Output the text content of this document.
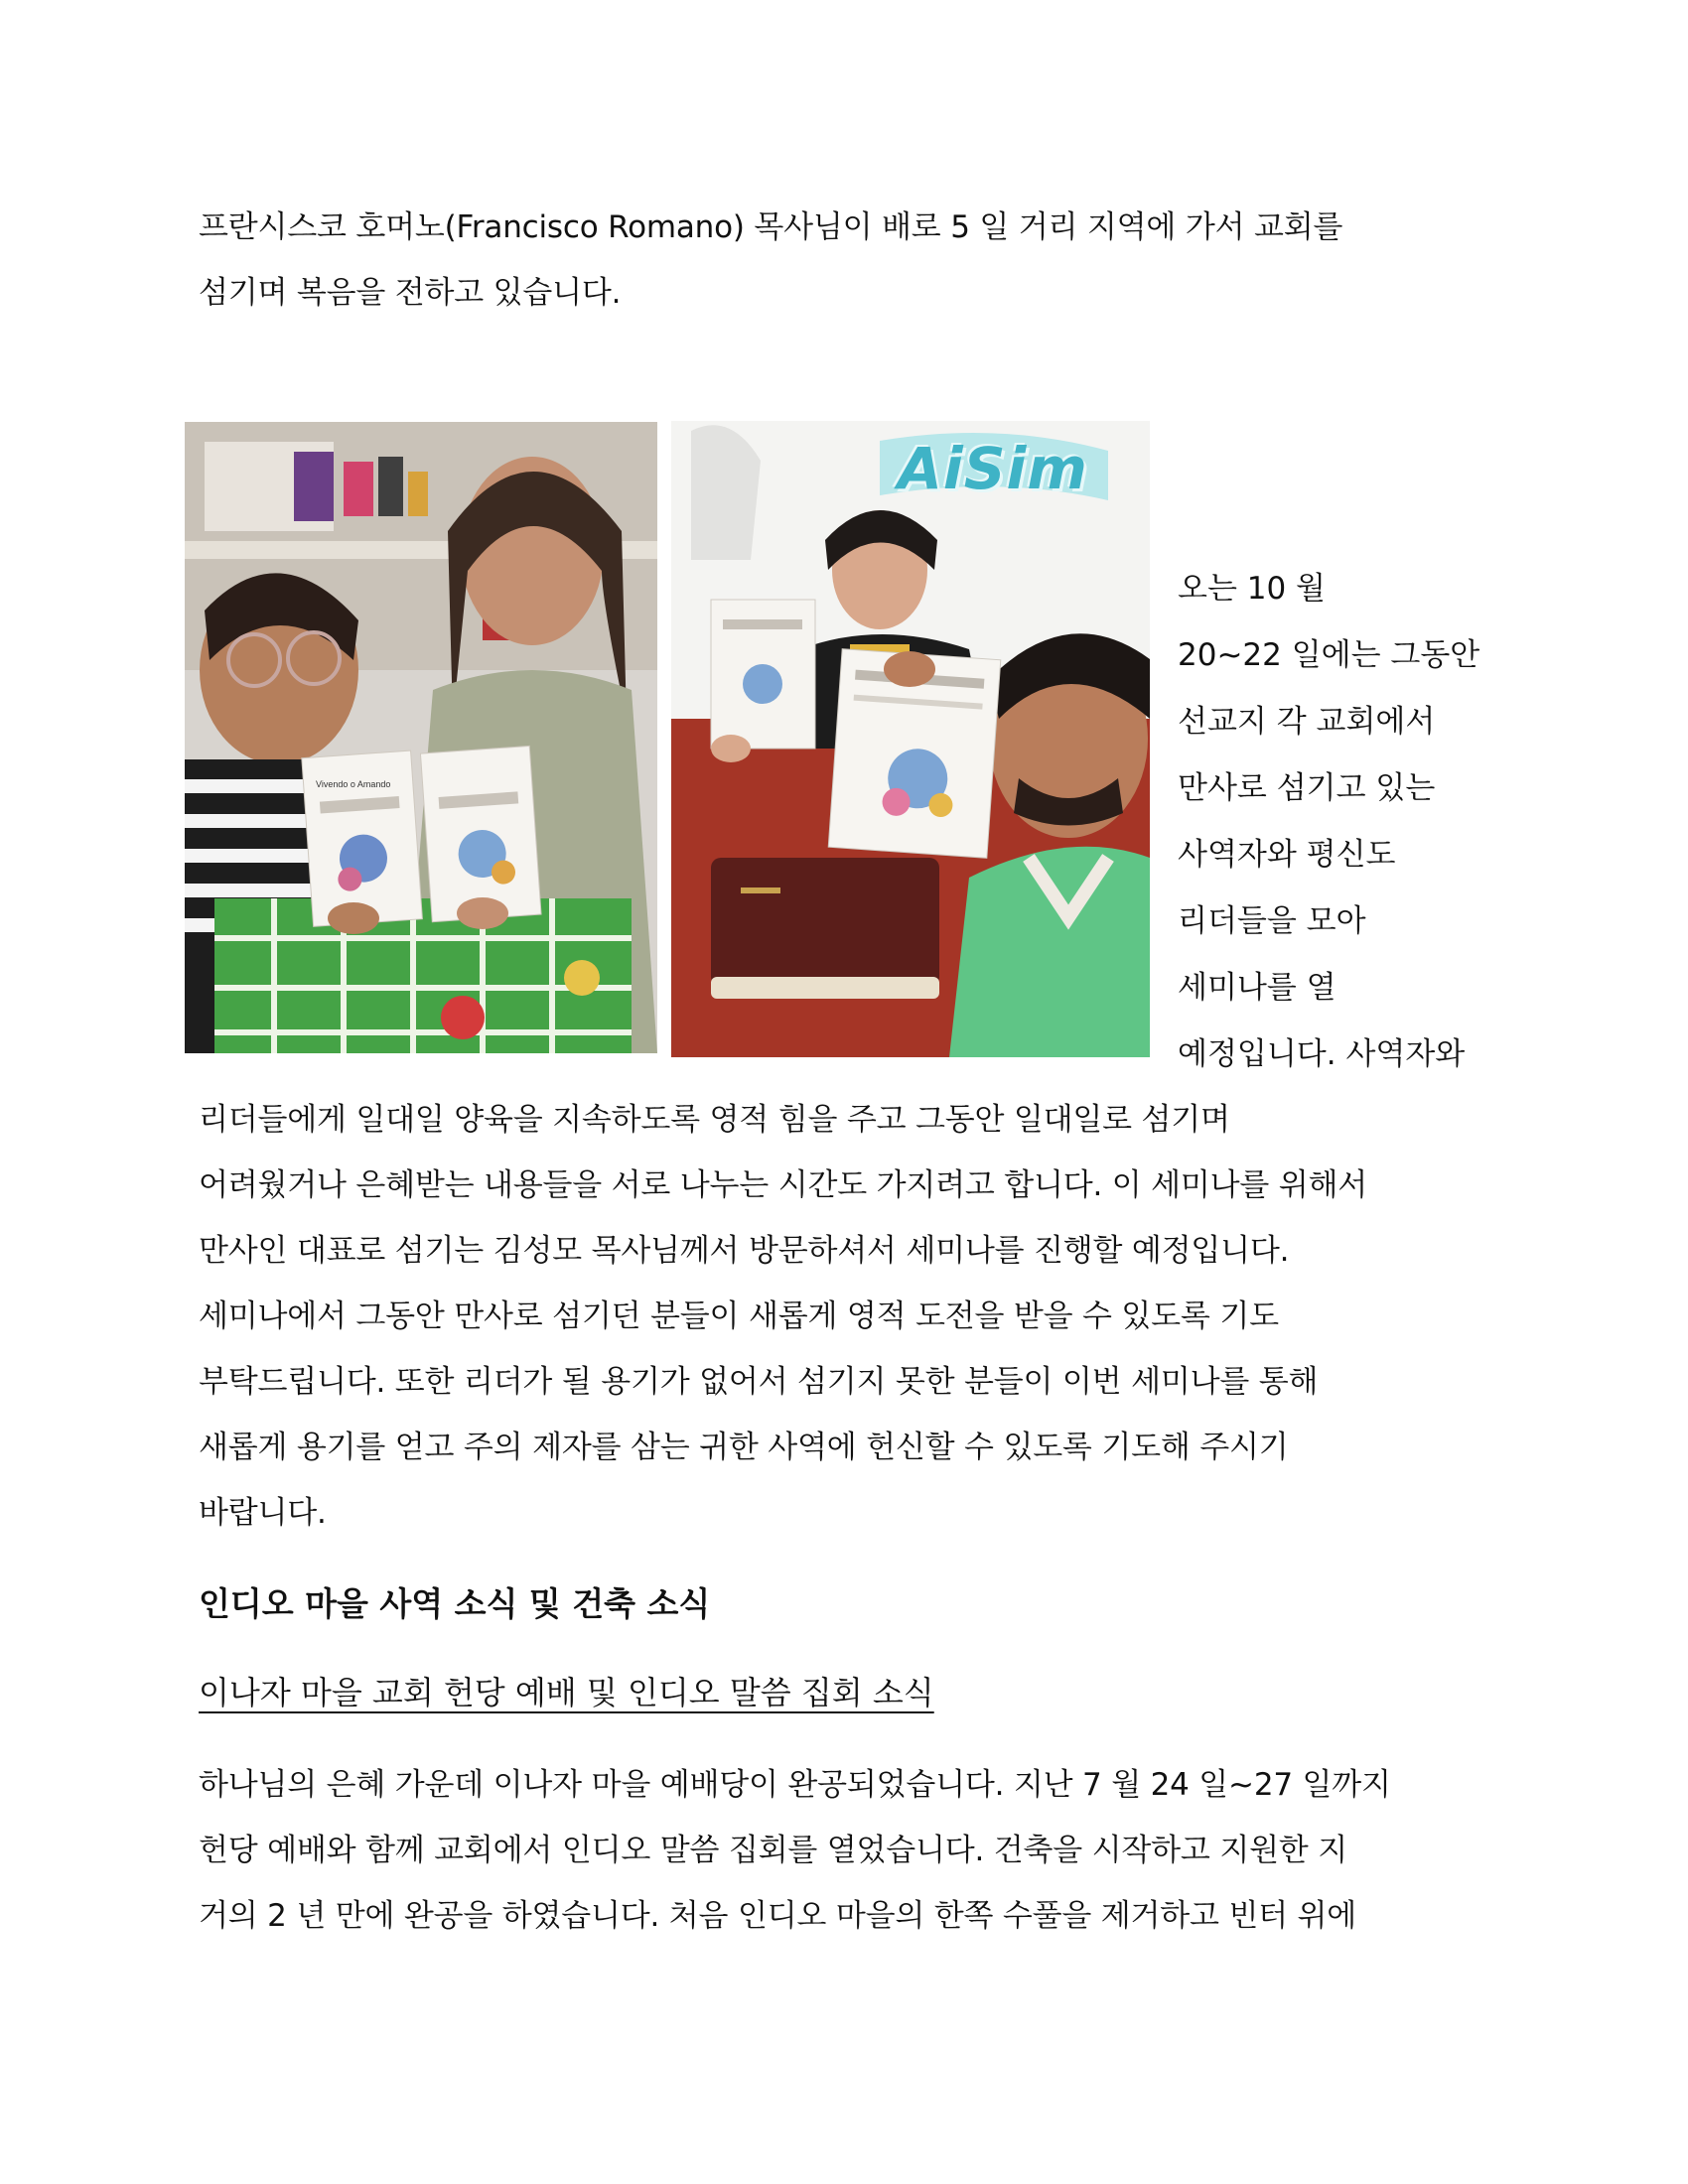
프란시스코 호머노(Francisco Romano) 목사님이 배로 5 일 거리 지역에 가서 교회를
섬기며 복음을 전하고 있습니다.
Vivendo o Amando
AiSim
오는 10 월
20~22 일에는 그동안
선교지 각 교회에서
만사로 섬기고 있는
사역자와 평신도
리더들을 모아
세미나를 열
예정입니다. 사역자와
리더들에게 일대일 양육을 지속하도록 영적 힘을 주고 그동안 일대일로 섬기며
어려웠거나 은혜받는 내용들을 서로 나누는 시간도 가지려고 합니다. 이 세미나를 위해서
만사인 대표로 섬기는 김성모 목사님께서 방문하셔서 세미나를 진행할 예정입니다.
세미나에서 그동안 만사로 섬기던 분들이 새롭게 영적 도전을 받을 수 있도록 기도
부탁드립니다. 또한 리더가 될 용기가 없어서 섬기지 못한 분들이 이번 세미나를 통해
새롭게 용기를 얻고 주의 제자를 삼는 귀한 사역에 헌신할 수 있도록 기도해 주시기
바랍니다.
인디오 마을 사역 소식 및 건축 소식
이나자 마을 교회 헌당 예배 및 인디오 말씀 집회 소식
하나님의 은혜 가운데 이나자 마을 예배당이 완공되었습니다. 지난 7 월 24 일~27 일까지
헌당 예배와 함께 교회에서 인디오 말씀 집회를 열었습니다. 건축을 시작하고 지원한 지
거의 2 년 만에 완공을 하였습니다. 처음 인디오 마을의 한쪽 수풀을 제거하고 빈터 위에
